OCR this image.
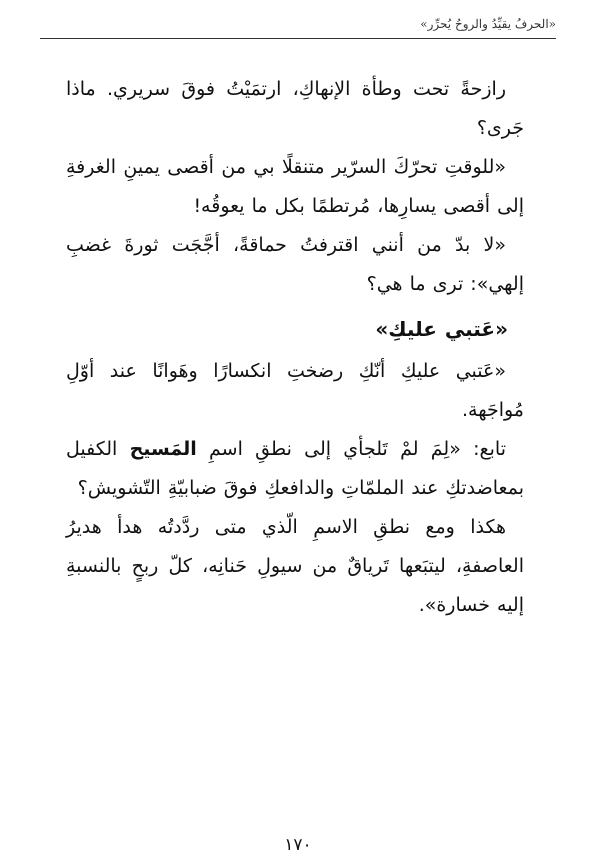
«الحرفُ يقيِّدُ والروحُ يُحرِّر»

رازحةً تحت وطأة الإنهاكِ، ارتمَيْتُ فوقَ سريري. ماذا جَرى؟

«للوقتِ تحرّكَ السرّير متنقلًا بي من أقصى يمينِ الغرفةِ إلى أقصى يسارِها، مُرتطمًا بكل ما يعوقُه!

«لا بدّ من أنني اقترفتُ حماقةً، أجَّجَت ثورةَ غضبِ إلهي»: ترى ما هي؟

«عَتبي عليكِ»

«عَتبي عليكِ أنّكِ رضختِ انكسارًا وهَوانًا عند أوّلِ مُواجَهة.

تابع: «لِمَ لمْ تَلجأي إلى نطقِ اسمِ المَسيح الكفيل بمعاضدتكِ عند الملمّاتِ والدافعكِ فوقَ ضبابيّةِ التّشويش؟

هكذا ومع نطقِ الاسمِ الّذي متى ردَّدتُه هدأ هديرُ العاصفةِ، ليتبَعها تَرياقٌ من سيولِ حَنانِه، كلّ ربحٍ بالنسبةِ إليه خسارة».

١٧٠
